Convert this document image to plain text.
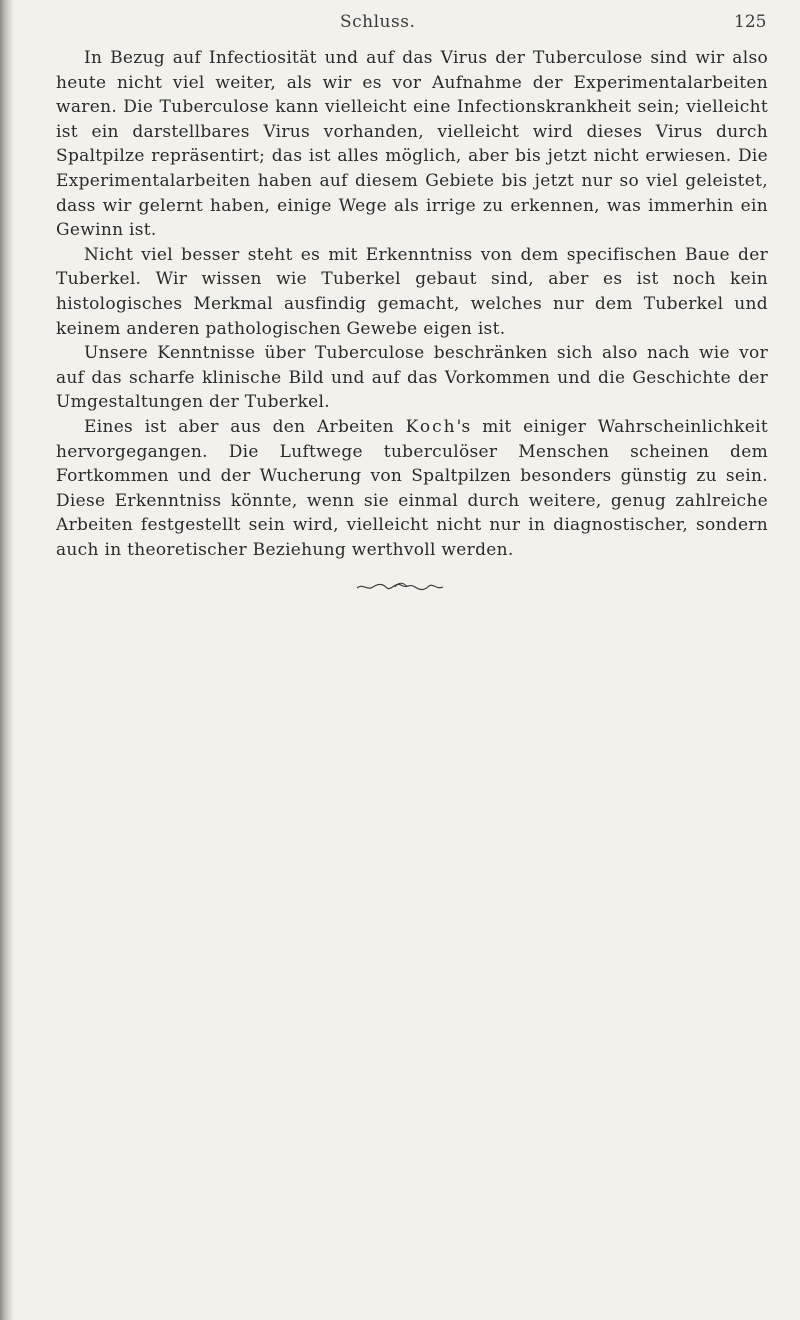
Schluss.	125

In Bezug auf Infectiosität und auf das Virus der Tuberculose sind wir also heute nicht viel weiter, als wir es vor Aufnahme der Experimentalarbeiten waren. Die Tuberculose kann vielleicht eine Infectionskrankheit sein; vielleicht ist ein darstellbares Virus vorhanden, vielleicht wird dieses Virus durch Spaltpilze repräsentirt; das ist alles möglich, aber bis jetzt nicht erwiesen. Die Experimentalarbeiten haben auf diesem Gebiete bis jetzt nur so viel geleistet, dass wir gelernt haben, einige Wege als irrige zu erkennen, was immerhin ein Gewinn ist.

Nicht viel besser steht es mit Erkenntniss von dem specifischen Baue der Tuberkel. Wir wissen wie Tuberkel gebaut sind, aber es ist noch kein histologisches Merkmal ausfindig gemacht, welches nur dem Tuberkel und keinem anderen pathologischen Gewebe eigen ist.

Unsere Kenntnisse über Tuberculose beschränken sich also nach wie vor auf das scharfe klinische Bild und auf das Vorkommen und die Geschichte der Umgestaltungen der Tuberkel.

Eines ist aber aus den Arbeiten Koch's mit einiger Wahrscheinlichkeit hervorgegangen. Die Luftwege tuberculöser Menschen scheinen dem Fortkommen und der Wucherung von Spaltpilzen besonders günstig zu sein. Diese Erkenntniss könnte, wenn sie einmal durch weitere, genug zahlreiche Arbeiten festgestellt sein wird, vielleicht nicht nur in diagnostischer, sondern auch in theoretischer Beziehung werthvoll werden.
